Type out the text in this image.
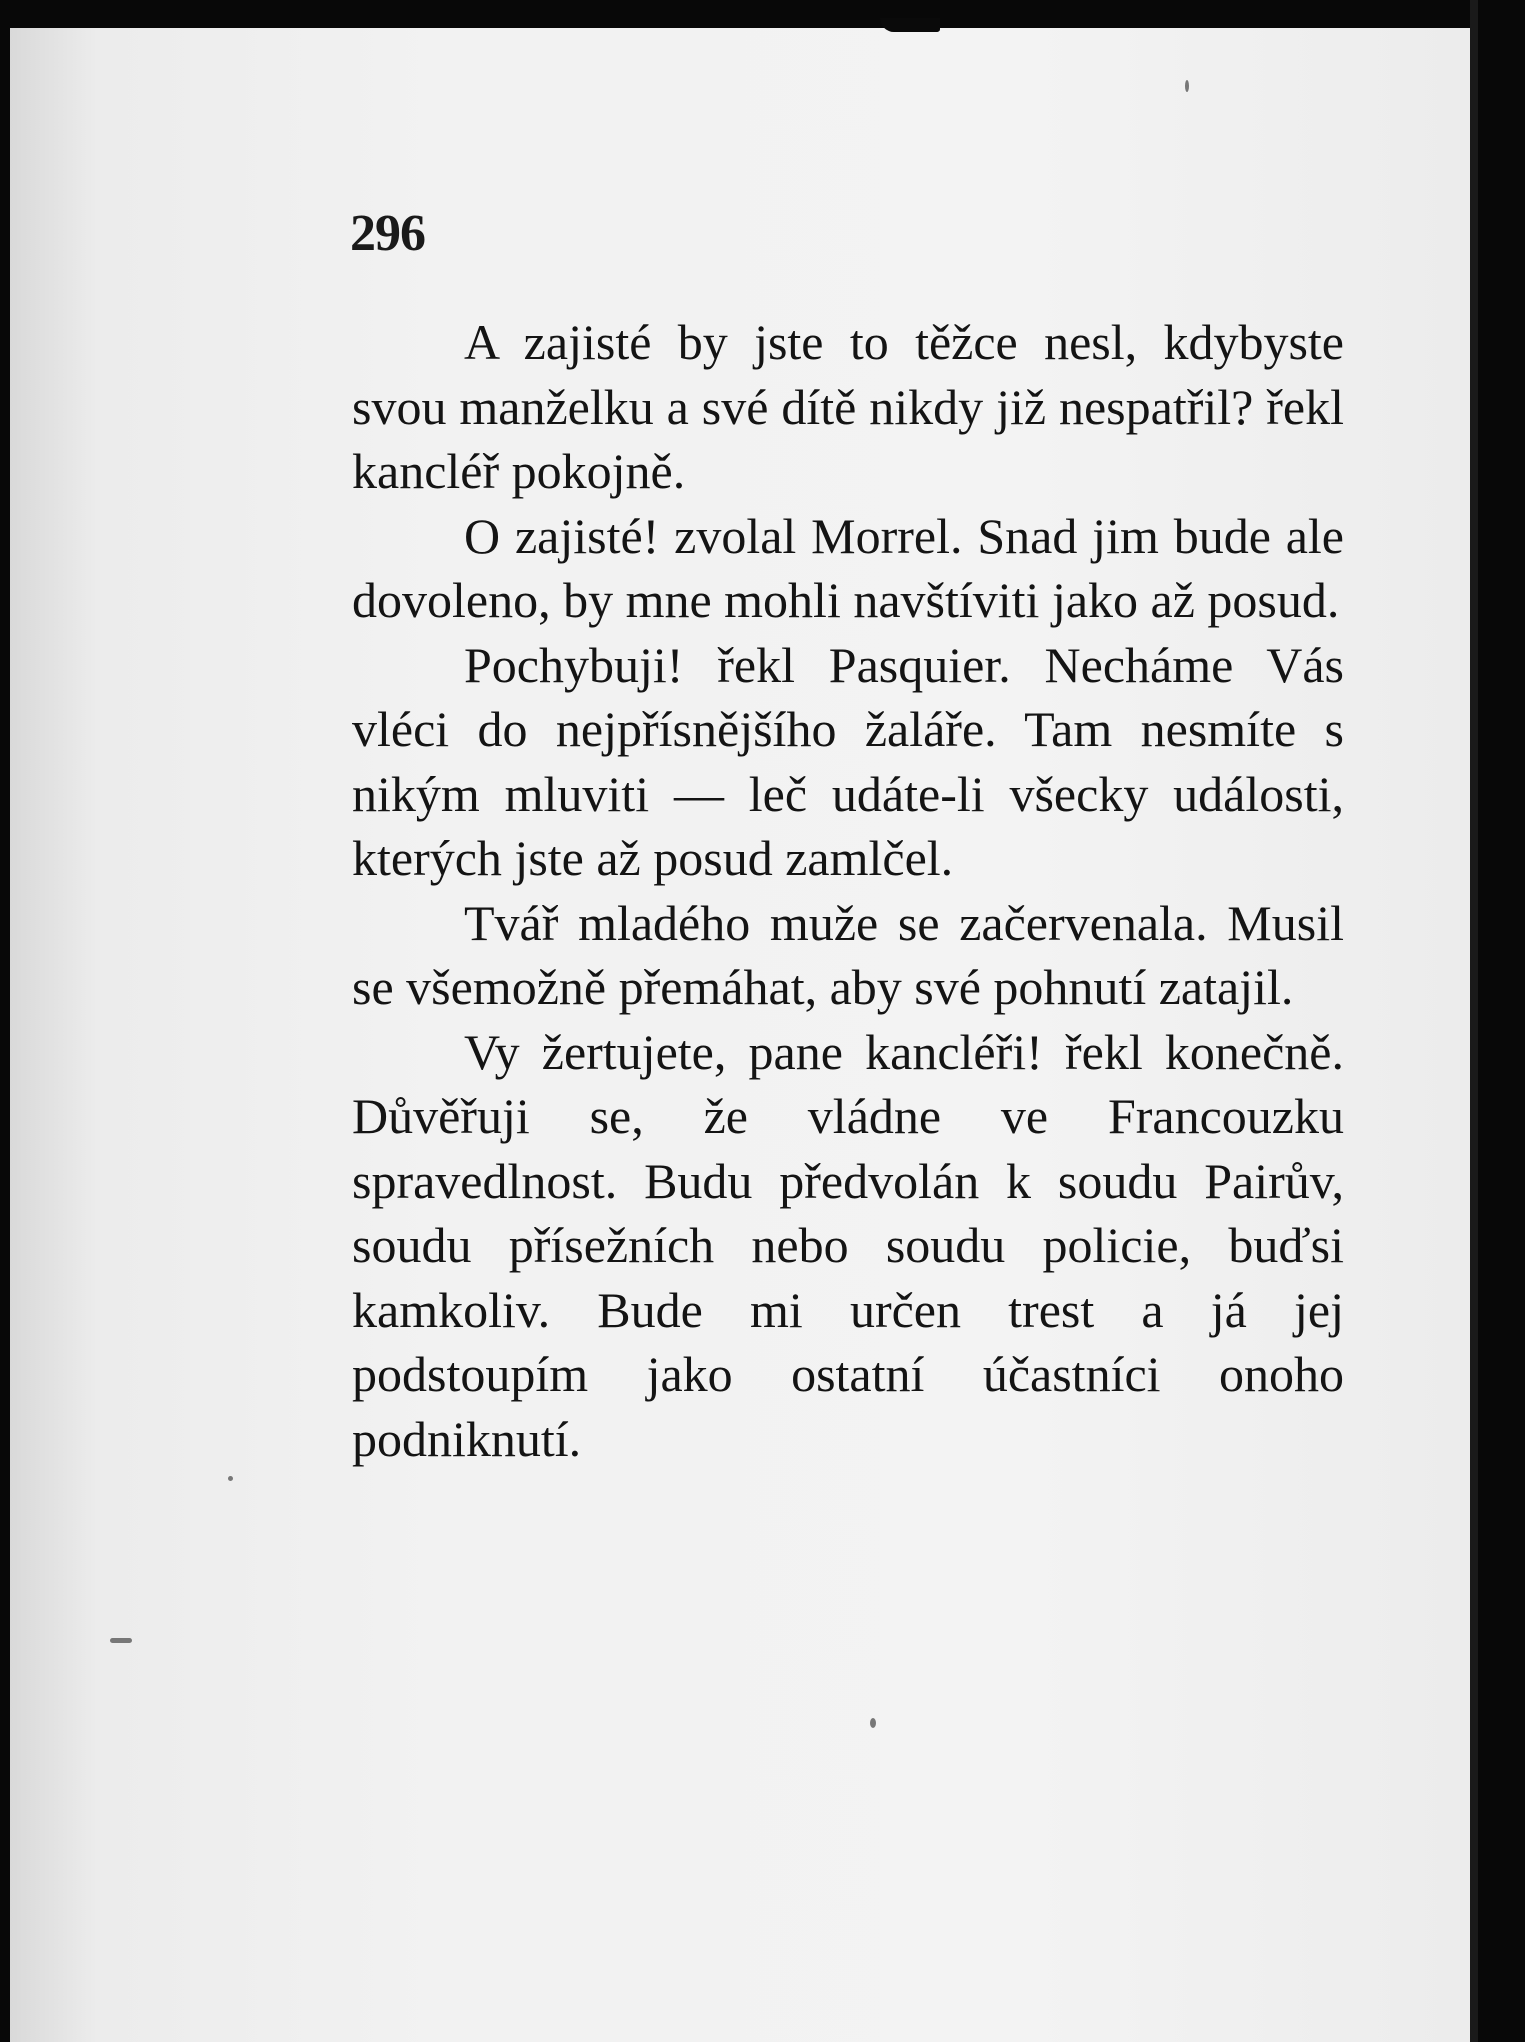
296

A zajisté by jste to těžce nesl, kdybyste svou manželku a své dítě nikdy již nespatřil? řekl kancléř pokojně.

O zajisté! zvolal Morrel. Snad jim bude ale dovoleno, by mne mohli navštíviti jako až posud.

Pochybuji! řekl Pasquier. Necháme Vás vléci do nejpřísnějšího žaláře. Tam nesmíte s nikým mluviti — leč udáte-li všecky události, kterých jste až posud zamlčel.

Tvář mladého muže se začervenala. Musil se všemožně přemáhat, aby své pohnutí zatajil.

Vy žertujete, pane kancléři! řekl konečně. Důvěřuji se, že vládne ve Francouzku spravedlnost. Budu předvolán k soudu Pairův, soudu přísežních nebo soudu policie, buďsi kamkoliv. Bude mi určen trest a já jej podstoupím jako ostatní účastníci onoho podniknutí.
